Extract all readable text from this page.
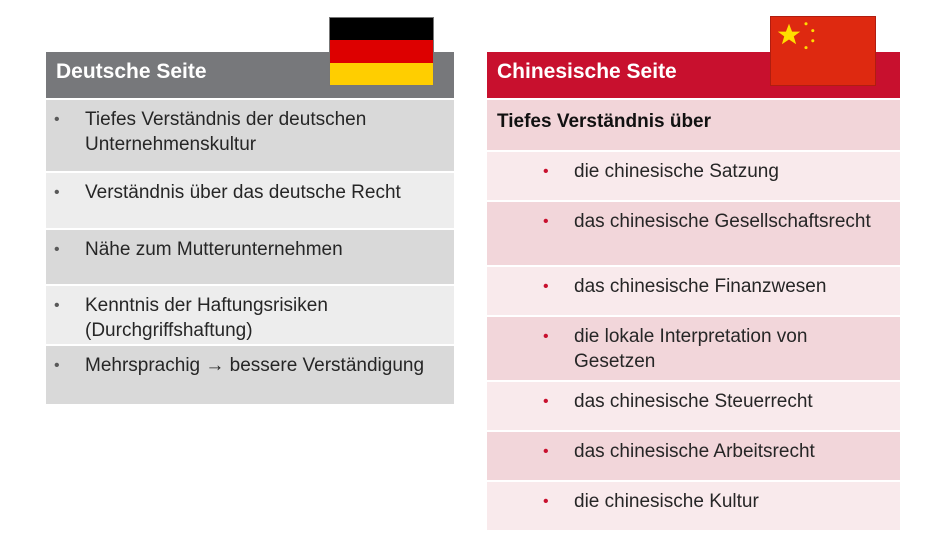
Deutsche Seite
• Tiefes Verständnis der deutschen Unternehmenskultur
• Verständnis über das deutsche Recht
• Nähe zum Mutterunternehmen
• Kenntnis der Haftungsrisiken (Durchgriffshaftung)
• Mehrsprachig → bessere Verständigung
Chinesische Seite
Tiefes Verständnis über
• die chinesische Satzung
• das chinesische Gesellschaftsrecht
• das chinesische Finanzwesen
• die lokale Interpretation von Gesetzen
• das chinesische Steuerrecht
• das chinesische Arbeitsrecht
• die chinesische Kultur
